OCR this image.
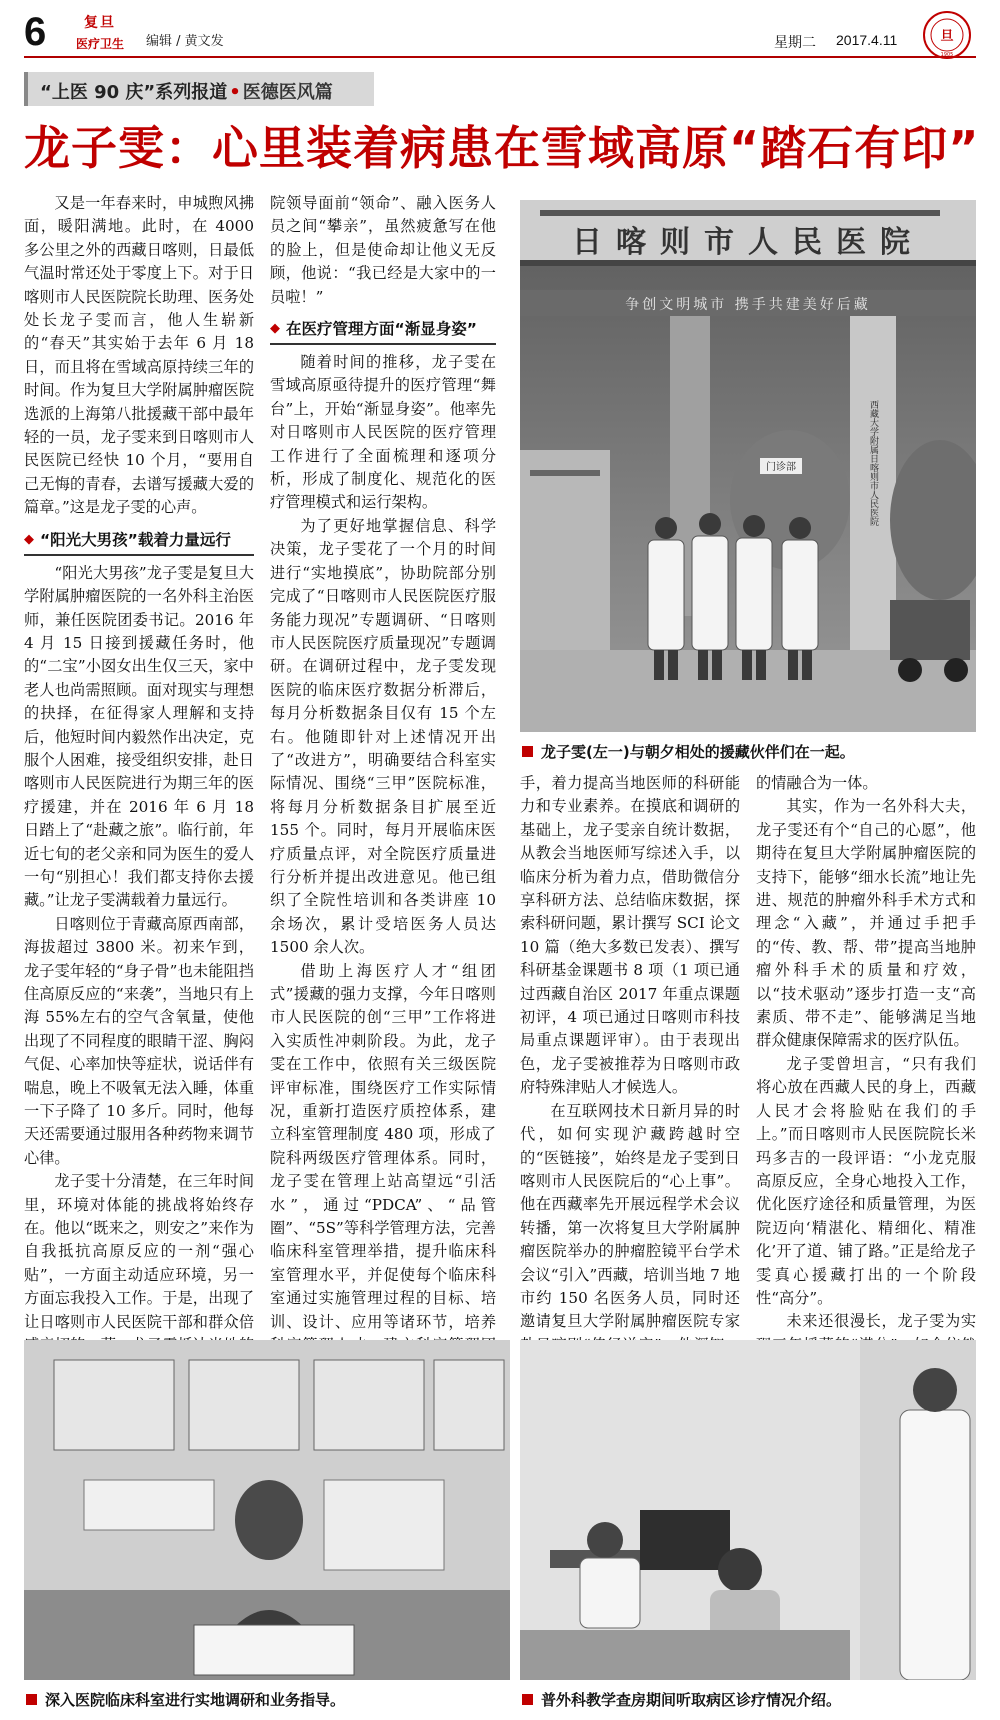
6	复旦
医疗卫生	编辑 / 黄文发	星期二 2017.4.11	旦
1905
“上医 90 庆”系列报道 • 医德医风篇
龙子雯：心里装着病患在雪域高原“踏石有印”

又是一年春来时，申城煦风拂面，暖阳满地。此时，在 4000 多公里之外的西藏日喀则，日最低气温时常还处于零度上下。对于日喀则市人民医院院长助理、医务处处长龙子雯而言，他人生崭新的“春天”其实始于去年 6 月 18 日，而且将在雪域高原持续三年的时间。作为复旦大学附属肿瘤医院选派的上海第八批援藏干部中最年轻的一员，龙子雯来到日喀则市人民医院已经快 10 个月，“要用自己无悔的青春，去谱写援藏大爱的篇章。”这是龙子雯的心声。

◆ “阳光大男孩”载着力量远行

“阳光大男孩”龙子雯是复旦大学附属肿瘤医院的一名外科主治医师，兼任医院团委书记。2016 年 4 月 15 日接到援藏任务时，他的“二宝”小囡女出生仅三天，家中老人也尚需照顾。面对现实与理想的抉择，在征得家人理解和支持后，他短时间内毅然作出决定，克服个人困难，接受组织安排，赴日喀则市人民医院进行为期三年的医疗援建，并在 2016 年 6 月 18 日踏上了“赴藏之旅”。临行前，年近七旬的老父亲和同为医生的爱人一句“别担心！我们都支持你去援藏。”让龙子雯满载着力量远行。

日喀则位于青藏高原西南部，海拔超过 3800 米。初来乍到，龙子雯年轻的“身子骨”也未能阻挡住高原反应的“来袭”，当地只有上海 55%左右的空气含氧量，使他出现了不同程度的眼睛干涩、胸闷气促、心率加快等症状，说话伴有喘息，晚上不吸氧无法入睡，体重一下子降了 10 多斤。同时，他每天还需要通过服用各种药物来调节心律。

龙子雯十分清楚，在三年时间里，环境对体能的挑战将始终存在。他以“既来之，则安之”来作为自我抵抗高原反应的一剂“强心贴”，一方面主动适应环境，另一方面忘我投入工作。于是，出现了让日喀则市人民医院干部和群众倍

院领导面前“领命”、融入医务人员之间“攀亲”，虽然疲惫写在他的脸上，但是使命却让他义无反顾，他说：“我已经是大家中的一员啦！”

◆ 在医疗管理方面“渐显身姿”

随着时间的推移，龙子雯在雪域高原亟待提升的医疗管理“舞台”上，开始“渐显身姿”。他率先对日喀则市人民医院的医疗管理工作进行了全面梳理和逐项分析，形成了制度化、规范化的医疗管理模式和运行架构。

为了更好地掌握信息、科学决策，龙子雯花了一个月的时间进行“实地摸底”，协助院部分别完成了“日喀则市人民医院医疗服务能力现况”专题调研、“日喀则市人民医院医疗质量现况”专题调研。在调研过程中，龙子雯发现医院的临床医疗数据分析滞后，每月分析数据条目仅有 15 个左右。他随即针对上述情况开出了“改进方”，明确要结合科室实际情况、围绕“三甲”医院标准，将每月分析数据条目扩展至近 155 个。同时，每月开展临床医疗质量点评，对全院医疗质量进行分析并提出改进意见。他已组织了全院性培训和各类讲座 10 余场次，累计受培医务人员达 1500 余人次。

借助上海医疗人才“组团式”援藏的强力支撑，今年日喀则市人民医院的创“三甲”工作将进入实质性冲刺阶段。为此，龙子雯在工作中，依照有关三级医院评审标准，围绕医疗工作实际情况，重新打造医疗质控体系，建立科室管理制度 480 项，形成了院科两级医疗管理体系。同时，龙子雯在管理上站高望远“引活水”，通过“PDCA”、“品管圈”、“5S”等科学管理方法，完善临床科室管理举措，提升临床科室管理水平，并促使每个临床科室通过实施管理过程的目标、培训、设计、应用等诸环节，培养

日喀则市人民医院
争创文明城市 携手共建美好后藏
西藏大学附属日喀则市人民医院
门诊部
龙子雯(左一)与朝夕相处的援藏伙伴们在一起。

手，着力提高当地医师的科研能力和专业素养。在摸底和调研的基础上，龙子雯亲自统计数据，从教会当地医师写综述入手，以临床分析为着力点，借助微信分享科研方法、总结临床数据，探索科研问题，累计撰写 SCI 论文 10 篇（绝大多数已发表）、撰写科研基金课题书 8 项（1 项已通过西藏自治区 2017 年重点课题初评，4 项已通过日喀则市科技局重点课题评审）。由于表现出色，龙子雯被推荐为日喀则市政府特殊津贴人才候选人。

在互联网技术日新月异的时代，如何实现沪藏跨越时空的“医链接”，始终是龙子雯到日喀则市人民医院后的“心上事”。他在西藏率先开展远程学术会议转播，第一次将复旦大学附属肿瘤医院举办的肿瘤腔镜平台学术会议“引入”西藏，培训当地 7 地市约 150 名医务人员，同时还邀请复旦大学附属肿瘤医院专家

的情融合为一体。

其实，作为一名外科大夫，龙子雯还有个“自己的心愿”，他期待在复旦大学附属肿瘤医院的支持下，能够“细水长流”地让先进、规范的肿瘤外科手术方式和理念“入藏”，并通过手把手的“传、教、帮、带”提高当地肿瘤外科手术的质量和疗效，以“技术驱动”逐步打造一支“高素质、带不走”、能够满足当地群众健康保障需求的医疗队伍。

龙子雯曾坦言，“只有我们将心放在西藏人民的身上，西藏人民才会将脸贴在我们的手上。”而日喀则市人民医院院长米玛多吉的一段评语：“小龙克服高原反应，全身心地投入工作，优化医疗途径和质量管理，为医院迈向‘精湛化、精细化、精准化’开了道、铺了路。”正是给龙子雯真心援藏打出的一个阶段性“高分”。

未来还很漫长，龙子雯为实

深入医院临床科室进行实地调研和业务指导。	普外科教学查房期间听取病区诊疗情况介绍。
